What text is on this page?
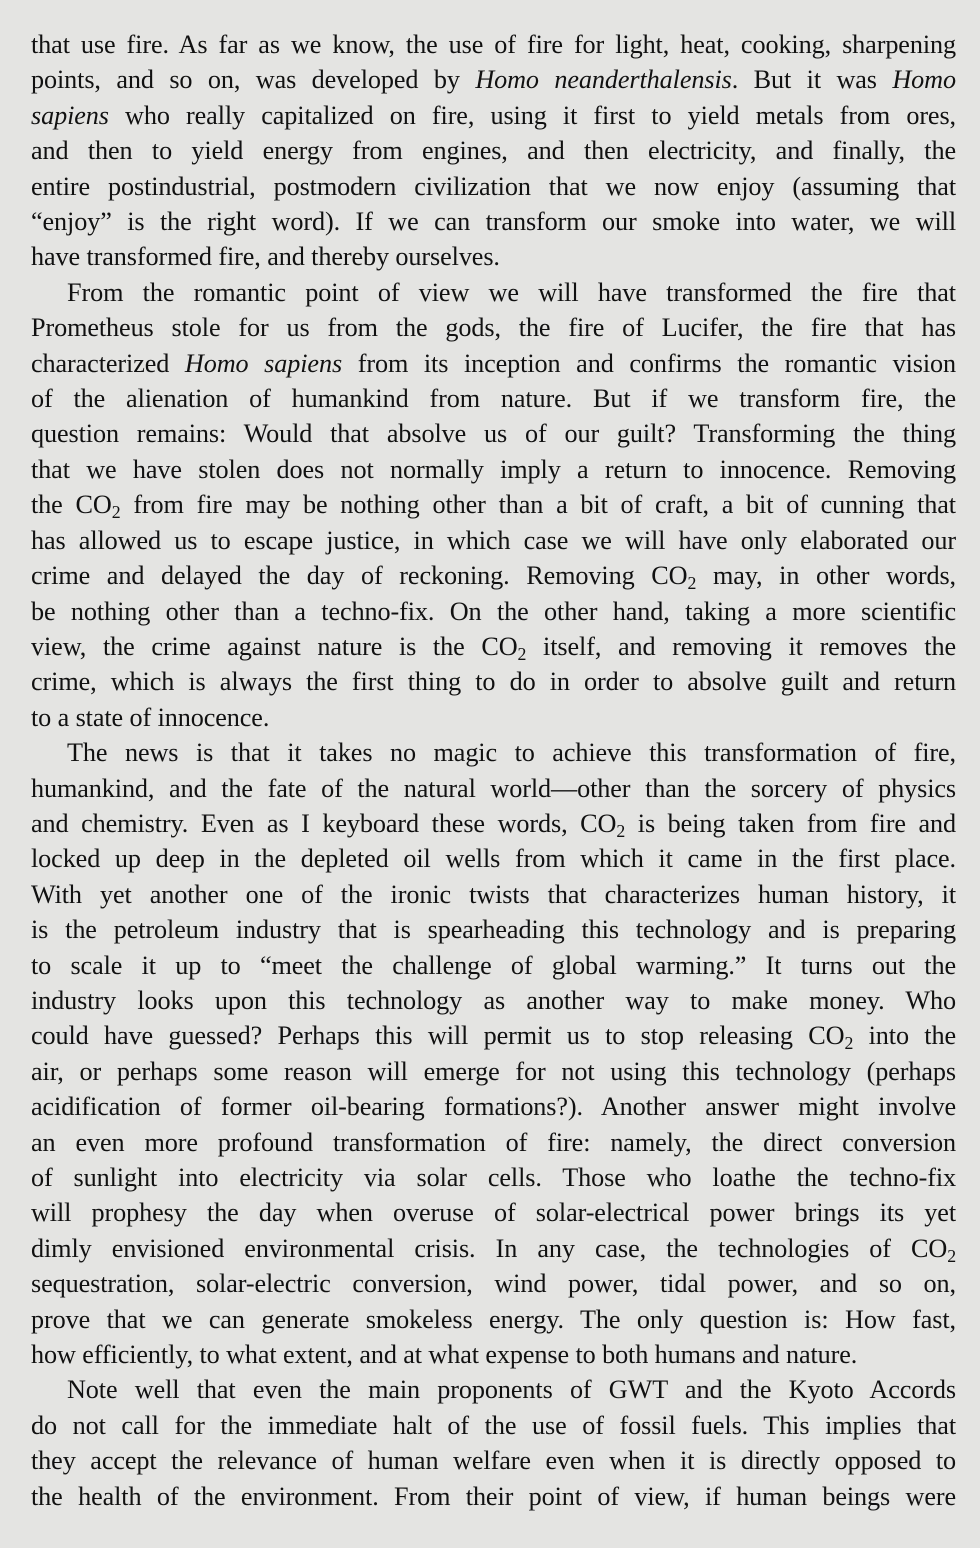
that use fire. As far as we know, the use of fire for light, heat, cooking, sharpening
points, and so on, was developed by Homo neanderthalensis. But it was Homo
sapiens who really capitalized on fire, using it first to yield metals from ores,
and then to yield energy from engines, and then electricity, and finally, the
entire postindustrial, postmodern civilization that we now enjoy (assuming that
“enjoy” is the right word). If we can transform our smoke into water, we will
have transformed fire, and thereby ourselves.
From the romantic point of view we will have transformed the fire that
Prometheus stole for us from the gods, the fire of Lucifer, the fire that has
characterized Homo sapiens from its inception and confirms the romantic vision
of the alienation of humankind from nature. But if we transform fire, the
question remains: Would that absolve us of our guilt? Transforming the thing
that we have stolen does not normally imply a return to innocence. Removing
the $CO_2$ from fire may be nothing other than a bit of craft, a bit of cunning that
has allowed us to escape justice, in which case we will have only elaborated our
crime and delayed the day of reckoning. Removing $CO_2$ may, in other words,
be nothing other than a techno-fix. On the other hand, taking a more scientific
view, the crime against nature is the $CO_2$ itself, and removing it removes the
crime, which is always the first thing to do in order to absolve guilt and return
to a state of innocence.
The news is that it takes no magic to achieve this transformation of fire,
humankind, and the fate of the natural world—other than the sorcery of physics
and chemistry. Even as I keyboard these words, $CO_2$ is being taken from fire and
locked up deep in the depleted oil wells from which it came in the first place.
With yet another one of the ironic twists that characterizes human history, it
is the petroleum industry that is spearheading this technology and is preparing
to scale it up to “meet the challenge of global warming.” It turns out the
industry looks upon this technology as another way to make money. Who
could have guessed? Perhaps this will permit us to stop releasing $CO_2$ into the
air, or perhaps some reason will emerge for not using this technology (perhaps
acidification of former oil-bearing formations?). Another answer might involve
an even more profound transformation of fire: namely, the direct conversion
of sunlight into electricity via solar cells. Those who loathe the techno-fix
will prophesy the day when overuse of solar-electrical power brings its yet
dimly envisioned environmental crisis. In any case, the technologies of $CO_2$
sequestration, solar-electric conversion, wind power, tidal power, and so on,
prove that we can generate smokeless energy. The only question is: How fast,
how efficiently, to what extent, and at what expense to both humans and nature.
Note well that even the main proponents of GWT and the Kyoto Accords
do not call for the immediate halt of the use of fossil fuels. This implies that
they accept the relevance of human welfare even when it is directly opposed to
the health of the environment. From their point of view, if human beings were
